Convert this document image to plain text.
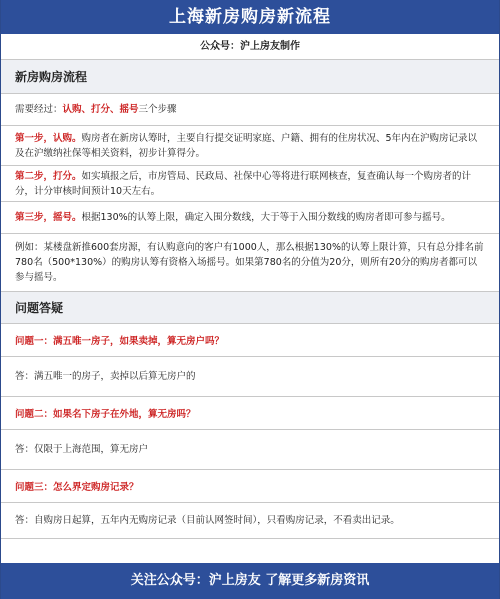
上海新房购房新流程
公众号：沪上房友制作
新房购房流程
需要经过：认购、打分、摇号三个步骤
第一步，认购。购房者在新房认筹时，主要自行提交证明家庭、户籍、拥有的住房状况、5年内在沪购房记录以及在沪缴纳社保等相关资料，初步计算得分。
第二步，打分。如实填报之后，市房管局、民政局、社保中心等将进行联网核查，复查确认每一个购房者的计分，计分审核时间预计10天左右。
第三步，摇号。根据130%的认筹上限，确定入围分数线，大于等于入围分数线的购房者即可参与摇号。
例如：某楼盘新推600套房源，有认购意向的客户有1000人，那么根据130%的认筹上限计算，只有总分排名前780名（500*130%）的购房认筹有资格入场摇号。如果第780名的分值为20分，则所有20分的购房者都可以参与摇号。
问题答疑
问题一：满五唯一房子，如果卖掉，算无房户吗？
答：满五唯一的房子，卖掉以后算无房户的
问题二：如果名下房子在外地，算无房吗？
答：仅限于上海范围，算无房户
问题三：怎么界定购房记录？
答：自购房日起算，五年内无购房记录（目前认网签时间），只看购房记录，不看卖出记录。
关注公众号：沪上房友 了解更多新房资讯
